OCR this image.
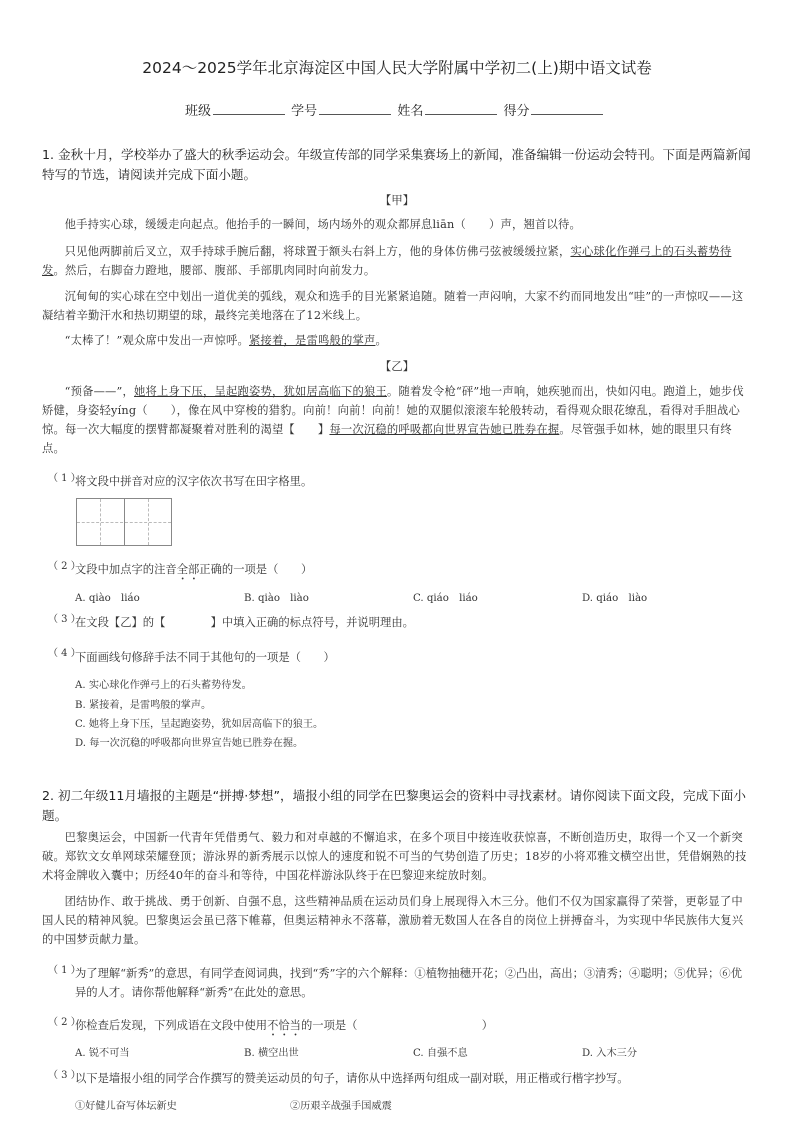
2024～2025学年北京海淀区中国人民大学附属中学初二(上)期中语文试卷
班级	学号	姓名	得分
1. 金秋十月，学校举办了盛大的秋季运动会。年级宣传部的同学采集赛场上的新闻，准备编辑一份运动会特刊。下面是两篇新闻特写的节选，请阅读并完成下面小题。
【甲】
他手持实心球，缓缓走向起点。他抬手的一瞬间，场内场外的观众都屏息liān（　　）声，翘首以待。
只见他两脚前后叉立，双手持球手腕后翻，将球置于额头右斜上方，他的身体仿佛弓弦被缓缓拉紧，实心球化作弹弓上的石头蓄势待发。然后，右脚奋力蹬地，腰部、腹部、手部肌肉同时向前发力。
沉甸甸的实心球在空中划出一道优美的弧线，观众和选手的目光紧紧追随。随着一声闷响，大家不约而同地发出“哇”的一声惊叹——这凝结着辛勤汗水和热切期望的球，最终完美地落在了12米线上。
“太棒了！”观众席中发出一声惊呼。紧接着，是雷鸣般的掌声。
【乙】
“预备——”，她将上身下压，呈起跑姿势，犹如居高临下的狼王。随着发令枪“砰”地一声响，她疾驰而出，快如闪电。跑道上，她步伐矫健，身姿轻yíng（　　），像在风中穿梭的猎豹。向前！向前！向前！她的双腿似滚滚车轮般转动，看得观众眼花缭乱，看得对手胆战心惊。每一次大幅度的摆臂都凝聚着对胜利的渴望【　　】每一次沉稳的呼吸都向世界宣告她已胜券在握。尽管强手如林，她的眼里只有终点。
（ 1 ）
将文段中拼音对应的汉字依次书写在田字格里。
（ 2 ）
文段中加点字的注音全部正确的一项是（　　）
A. qiào　liáo	B. qiào　liào	C. qiáo　liáo	D. qiáo　liào
（ 3 ）
在文段【乙】的【　　　　】中填入正确的标点符号，并说明理由。
（ 4 ）
下面画线句修辞手法不同于其他句的一项是（　　）
A. 实心球化作弹弓上的石头蓄势待发。
B. 紧接着，是雷鸣般的掌声。
C. 她将上身下压，呈起跑姿势，犹如居高临下的狼王。
D. 每一次沉稳的呼吸都向世界宣告她已胜券在握。
2. 初二年级11月墙报的主题是“拼搏·梦想”，墙报小组的同学在巴黎奥运会的资料中寻找素材。请你阅读下面文段，完成下面小题。
巴黎奥运会，中国新一代青年凭借勇气、毅力和对卓越的不懈追求，在多个项目中接连收获惊喜，不断创造历史，取得一个又一个新突破。郑钦文女单网球荣耀登顶；游泳界的新秀展示以惊人的速度和锐不可当的气势创造了历史；18岁的小将邓雅文横空出世，凭借娴熟的技术将金牌收入囊中；历经40年的奋斗和等待，中国花样游泳队终于在巴黎迎来绽放时刻。
团结协作、敢于挑战、勇于创新、自强不息，这些精神品质在运动员们身上展现得入木三分。他们不仅为国家赢得了荣誉，更彰显了中国人民的精神风貌。巴黎奥运会虽已落下帷幕，但奥运精神永不落幕，激励着无数国人在各自的岗位上拼搏奋斗，为实现中华民族伟大复兴的中国梦贡献力量。
（ 1 ）
为了理解“新秀”的意思，有同学查阅词典，找到“秀”字的六个解释：①植物抽穗开花；②凸出，高出；③清秀；④聪明；⑤优异；⑥优异的人才。请你帮他解释“新秀”在此处的意思。
（ 2 ）
你检查后发现，下列成语在文段中使用不恰当的一项是（　　　　　　　　　　　）
A. 锐不可当	B. 横空出世	C. 自强不息	D. 入木三分
（ 3 ）
以下是墙报小组的同学合作撰写的赞美运动员的句子，请你从中选择两句组成一副对联，用正楷或行楷字抄写。
①好健儿奋写体坛新史	②历艰辛战强手国威震
